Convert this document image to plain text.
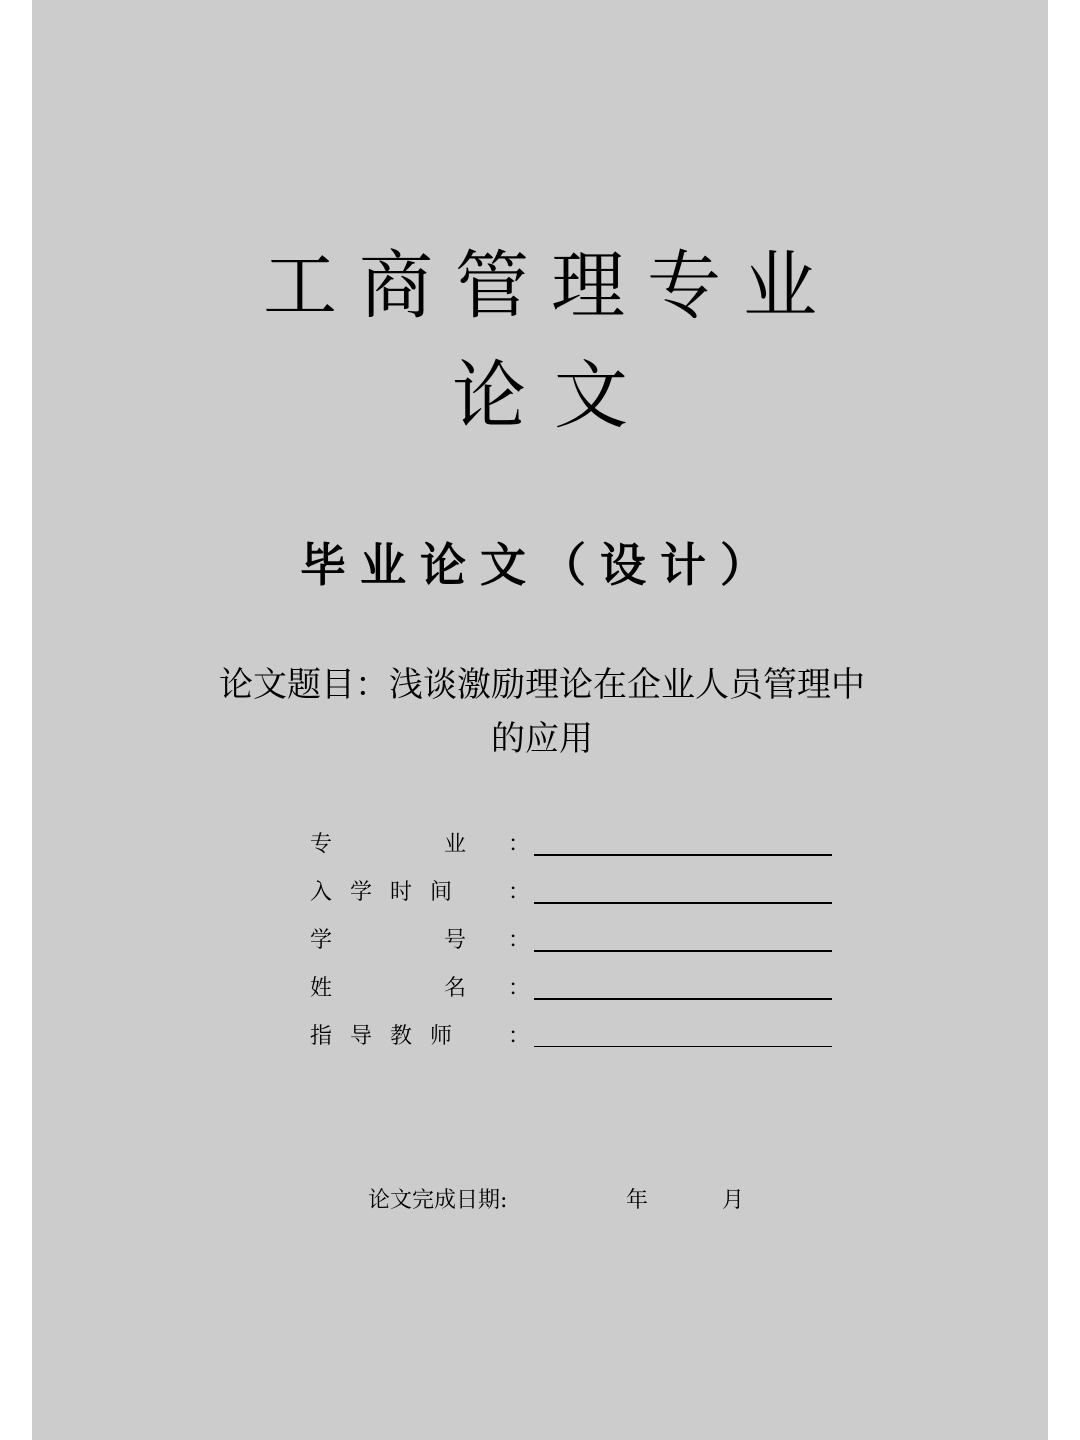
工商管理专业
论文
毕业论文（设计）
论文题目：浅谈激励理论在企业人员管理中
的应用
专	业 ：
入学时间 ：
学	号 ：
姓	名 ：
指导教师 ：
论文完成日期:	年	月
